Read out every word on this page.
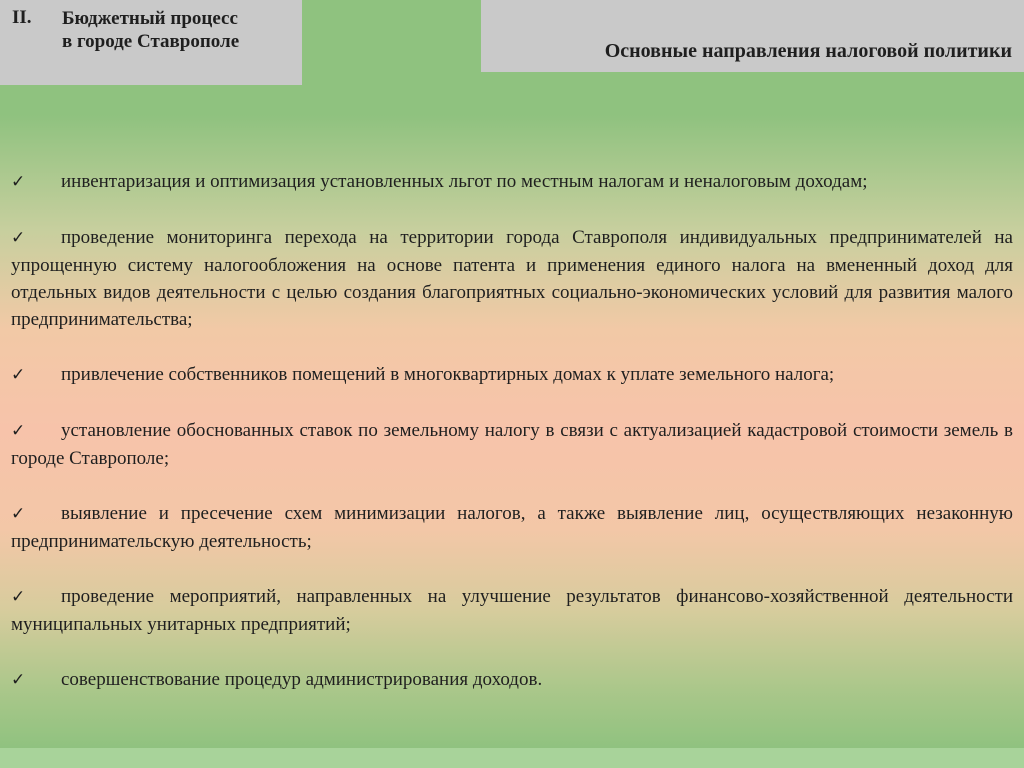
II. Бюджетный процесс
в городе Ставрополе	Основные направления налоговой политики
✓ инвентаризация и оптимизация установленных льгот по местным налогам и неналоговым доходам;
✓ проведение мониторинга перехода на территории города Ставрополя индивидуальных предпринимателей на упрощенную систему налогообложения на основе патента и применения единого налога на вмененный доход для отдельных видов деятельности с целью создания благоприятных социально-экономических условий для развития малого предпринимательства;
✓ привлечение собственников помещений в многоквартирных домах к уплате земельного налога;
✓ установление обоснованных ставок по земельному налогу в связи с актуализацией кадастровой стоимости земель в городе Ставрополе;
✓ выявление и пресечение схем минимизации налогов, а также выявление лиц, осуществляющих незаконную предпринимательскую деятельность;
✓ проведение мероприятий, направленных на улучшение результатов финансово-хозяйственной деятельности муниципальных унитарных предприятий;
✓ совершенствование процедур администрирования доходов.
